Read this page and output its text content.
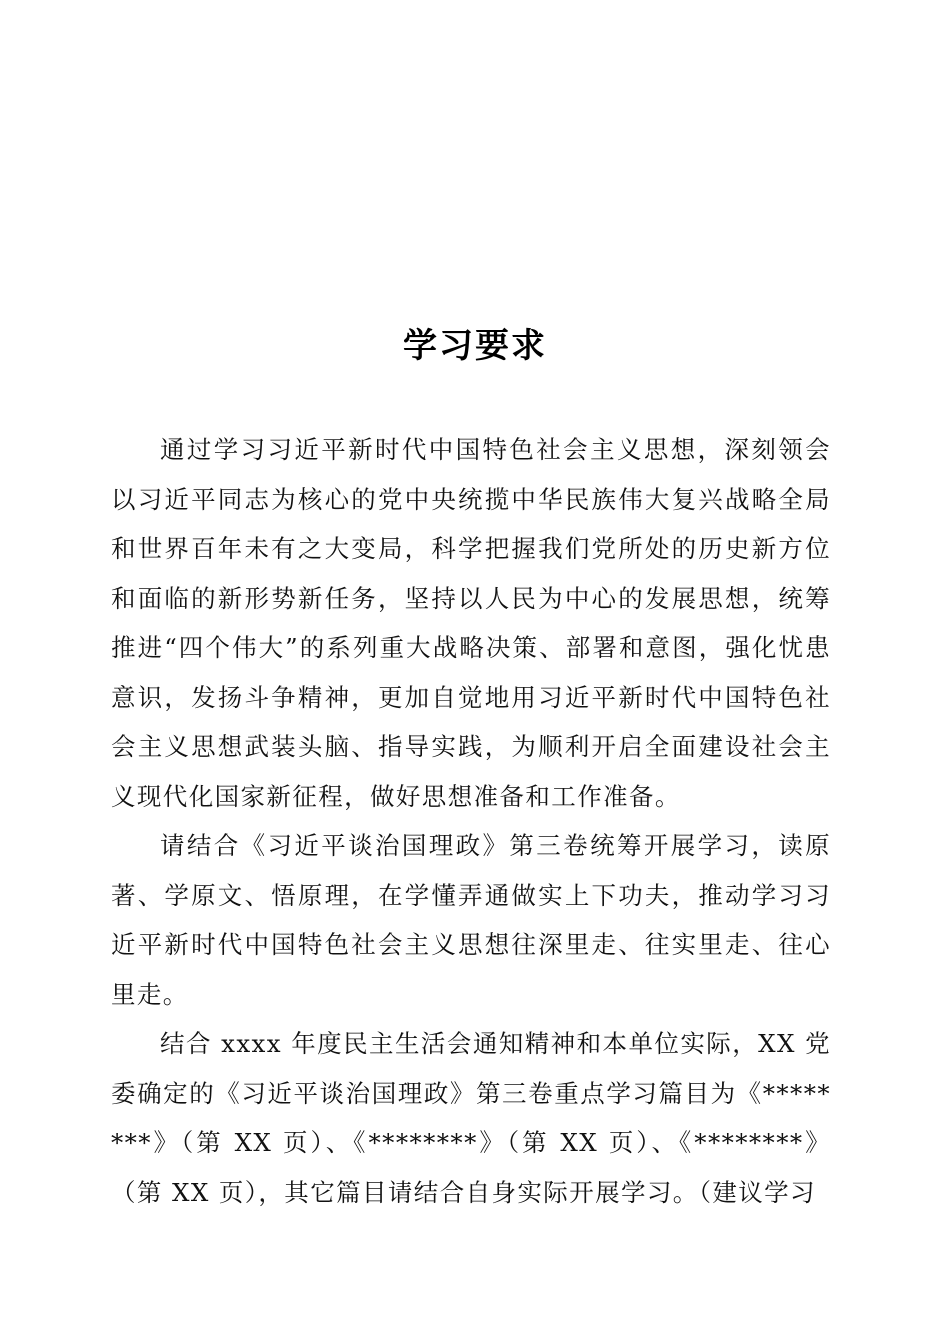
学习要求

通过学习习近平新时代中国特色社会主义思想，深刻领会以习近平同志为核心的党中央统揽中华民族伟大复兴战略全局和世界百年未有之大变局，科学把握我们党所处的历史新方位和面临的新形势新任务，坚持以人民为中心的发展思想，统筹推进“四个伟大”的系列重大战略决策、部署和意图，强化忧患意识，发扬斗争精神，更加自觉地用习近平新时代中国特色社会主义思想武装头脑、指导实践，为顺利开启全面建设社会主义现代化国家新征程，做好思想准备和工作准备。

请结合《习近平谈治国理政》第三卷统筹开展学习，读原著、学原文、悟原理，在学懂弄通做实上下功夫，推动学习习近平新时代中国特色社会主义思想往深里走、往实里走、往心里走。

结合 xxxx 年度民主生活会通知精神和本单位实际，XX 党委确定的《习近平谈治国理政》第三卷重点学习篇目为《********》（第 XX 页）、《********》（第 XX 页）、《********》（第 XX 页），其它篇目请结合自身实际开展学习。（建议学习
